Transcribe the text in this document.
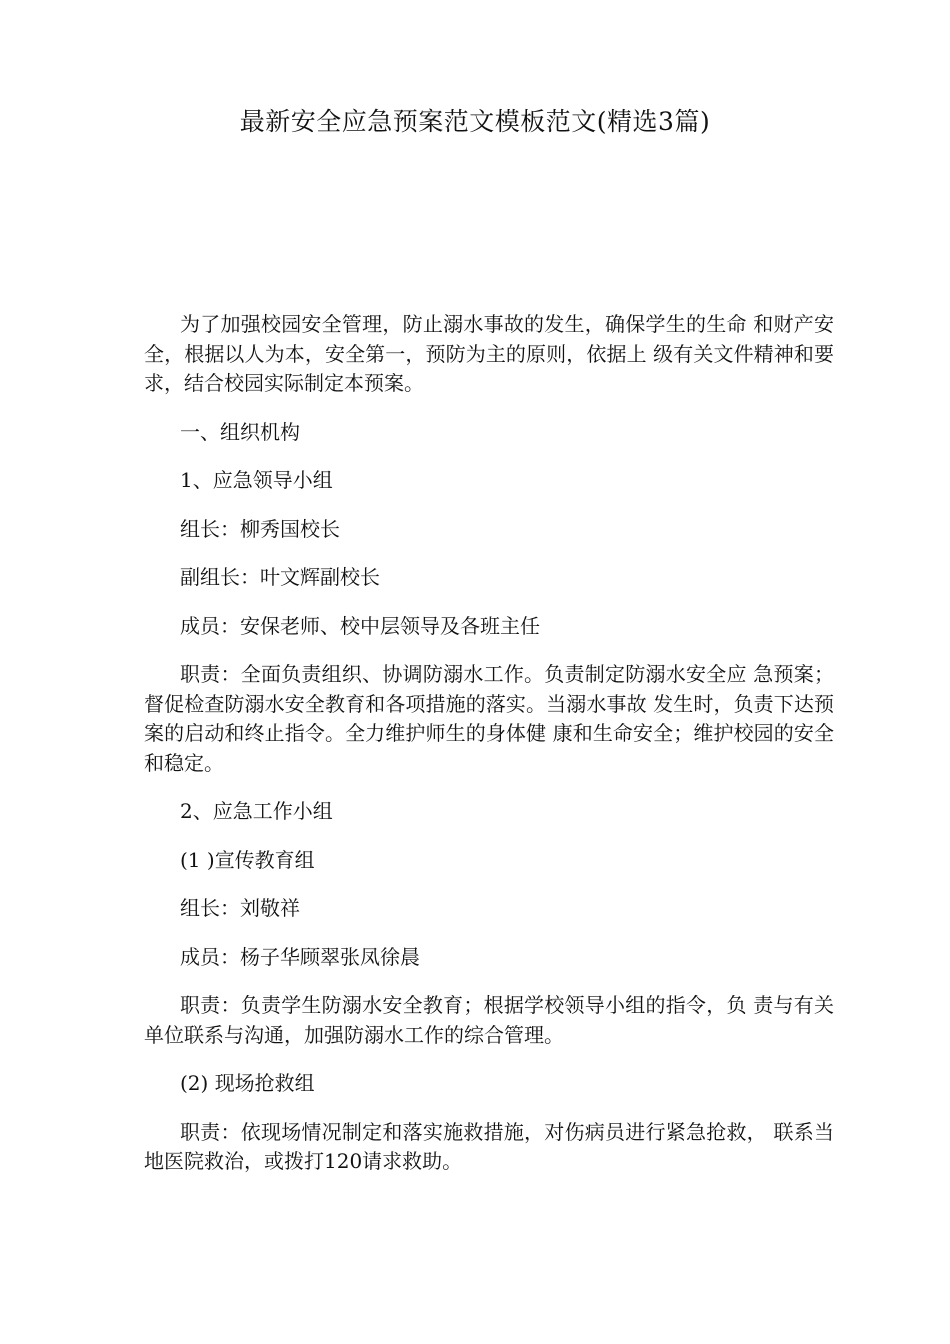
最新安全应急预案范文模板范文(精选3篇)
为了加强校园安全管理，防止溺水事故的发生，确保学生的生命 和财产安全，根据以人为本，安全第一，预防为主的原则，依据上 级有关文件精神和要求，结合校园实际制定本预案。
一、组织机构
1、应急领导小组
组长：柳秀国校长
副组长：叶文辉副校长
成员：安保老师、校中层领导及各班主任
职责：全面负责组织、协调防溺水工作。负责制定防溺水安全应 急预案；督促检查防溺水安全教育和各项措施的落实。当溺水事故 发生时，负责下达预案的启动和终止指令。全力维护师生的身体健 康和生命安全；维护校园的安全和稳定。
2、应急工作小组
(1 )宣传教育组
组长：刘敬祥
成员：杨子华顾翠张凤徐晨
职责：负责学生防溺水安全教育；根据学校领导小组的指令，负 责与有关单位联系与沟通，加强防溺水工作的综合管理。
(2) 现场抢救组
职责：依现场情况制定和落实施救措施，对伤病员进行紧急抢救， 联系当地医院救治，或拨打120请求救助。
